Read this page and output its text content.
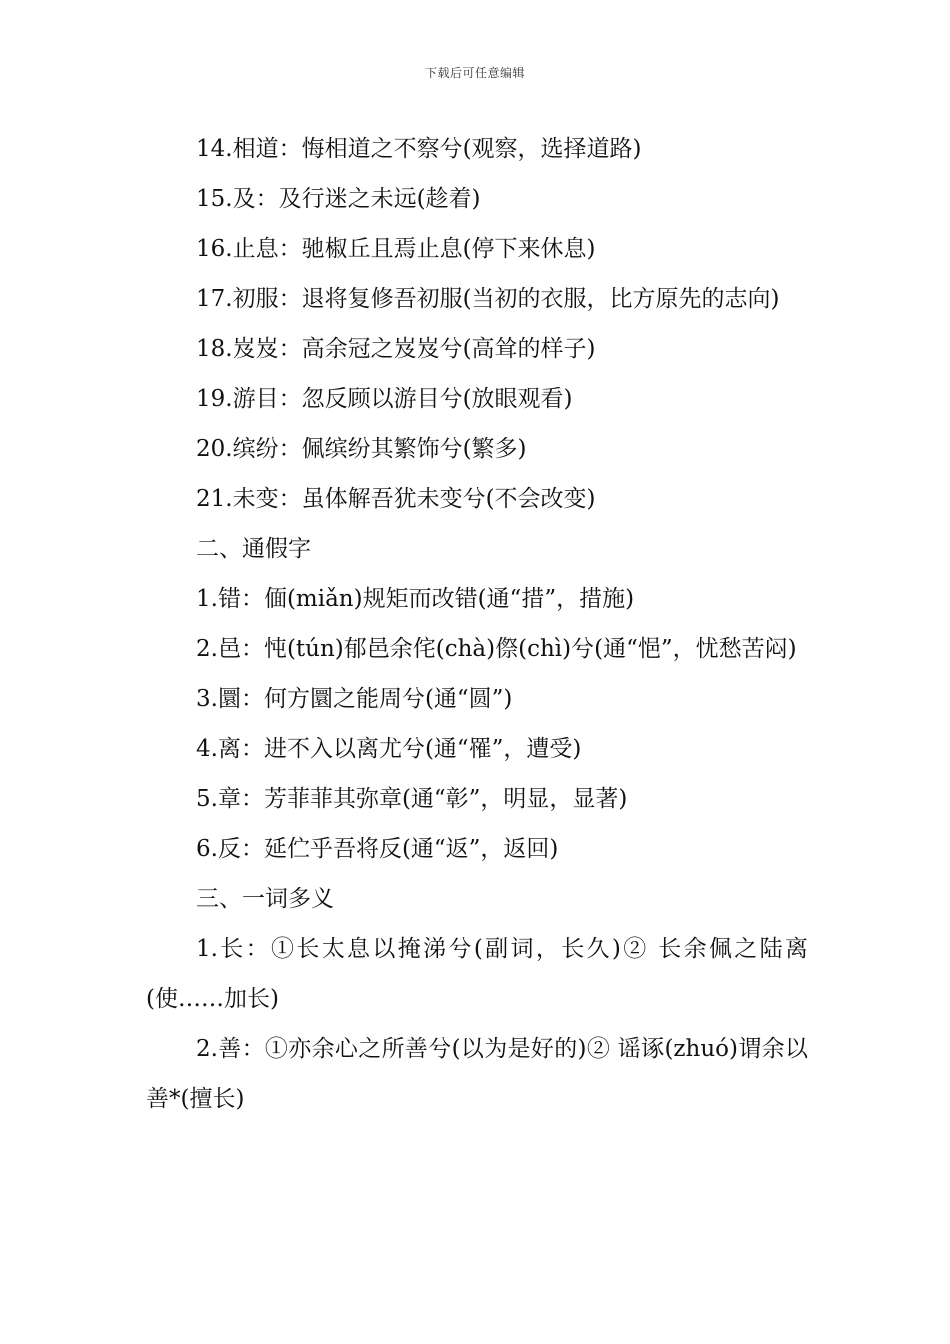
下载后可任意编辑
14.相道：悔相道之不察兮(观察，选择道路)
15.及：及行迷之未远(趁着)
16.止息：驰椒丘且焉止息(停下来休息)
17.初服：退将复修吾初服(当初的衣服，比方原先的志向)
18.岌岌：高余冠之岌岌兮(高耸的样子)
19.游目：忽反顾以游目兮(放眼观看)
20.缤纷：佩缤纷其繁饰兮(繁多)
21.未变：虽体解吾犹未变兮(不会改变)
二、通假字
1.错：偭(miǎn)规矩而改错(通“措”，措施)
2.邑：忳(tún)郁邑余侘(chà)傺(chì)兮(通“悒”，忧愁苦闷)
3.圜：何方圜之能周兮(通“圆”)
4.离：进不入以离尤兮(通“罹”，遭受)
5.章：芳菲菲其弥章(通“彰”，明显，显著)
6.反：延伫乎吾将反(通“返”，返回)
三、一词多义
1.长：①长太息以掩涕兮(副词，长久)② 长余佩之陆离(使……加长)
2.善：①亦余心之所善兮(以为是好的)② 谣诼(zhuó)谓余以善*(擅长)
